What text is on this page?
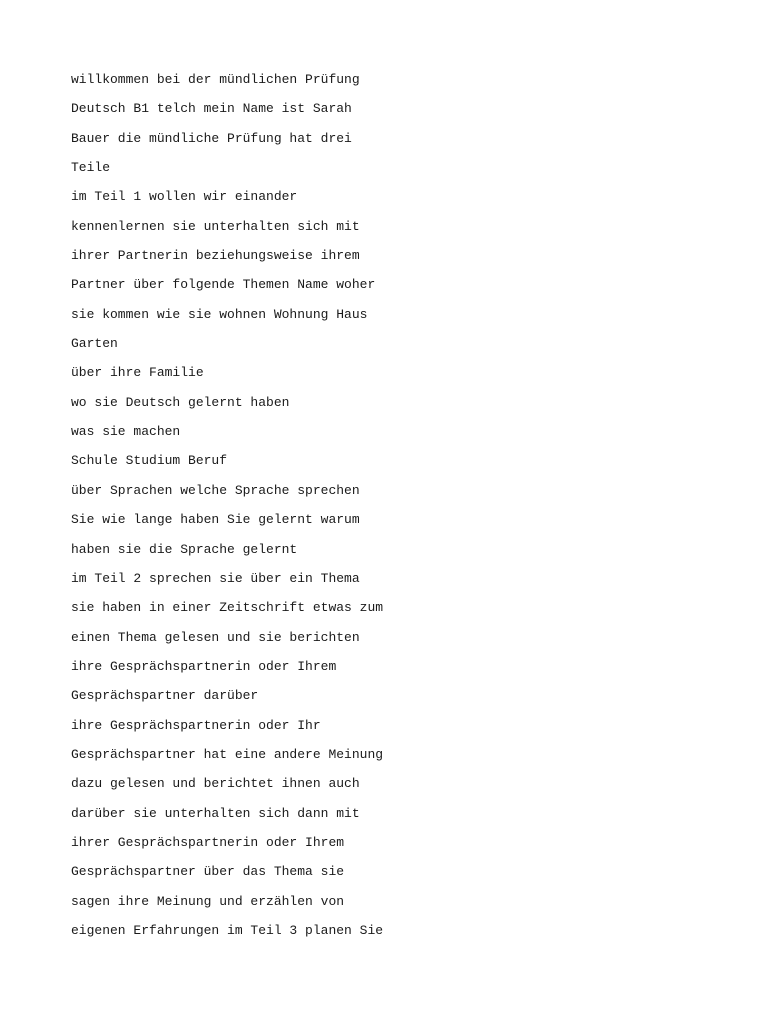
willkommen bei der mündlichen Prüfung
Deutsch B1 telch mein Name ist Sarah
Bauer die mündliche Prüfung hat drei
Teile
im Teil 1 wollen wir einander
kennenlernen sie unterhalten sich mit
ihrer Partnerin beziehungsweise ihrem
Partner über folgende Themen Name woher
sie kommen wie sie wohnen Wohnung Haus
Garten
über ihre Familie
wo sie Deutsch gelernt haben
was sie machen
Schule Studium Beruf
über Sprachen welche Sprache sprechen
Sie wie lange haben Sie gelernt warum
haben sie die Sprache gelernt
im Teil 2 sprechen sie über ein Thema
sie haben in einer Zeitschrift etwas zum
einen Thema gelesen und sie berichten
ihre Gesprächspartnerin oder Ihrem
Gesprächspartner darüber
ihre Gesprächspartnerin oder Ihr
Gesprächspartner hat eine andere Meinung
dazu gelesen und berichtet ihnen auch
darüber sie unterhalten sich dann mit
ihrer Gesprächspartnerin oder Ihrem
Gesprächspartner über das Thema sie
sagen ihre Meinung und erzählen von
eigenen Erfahrungen im Teil 3 planen Sie
